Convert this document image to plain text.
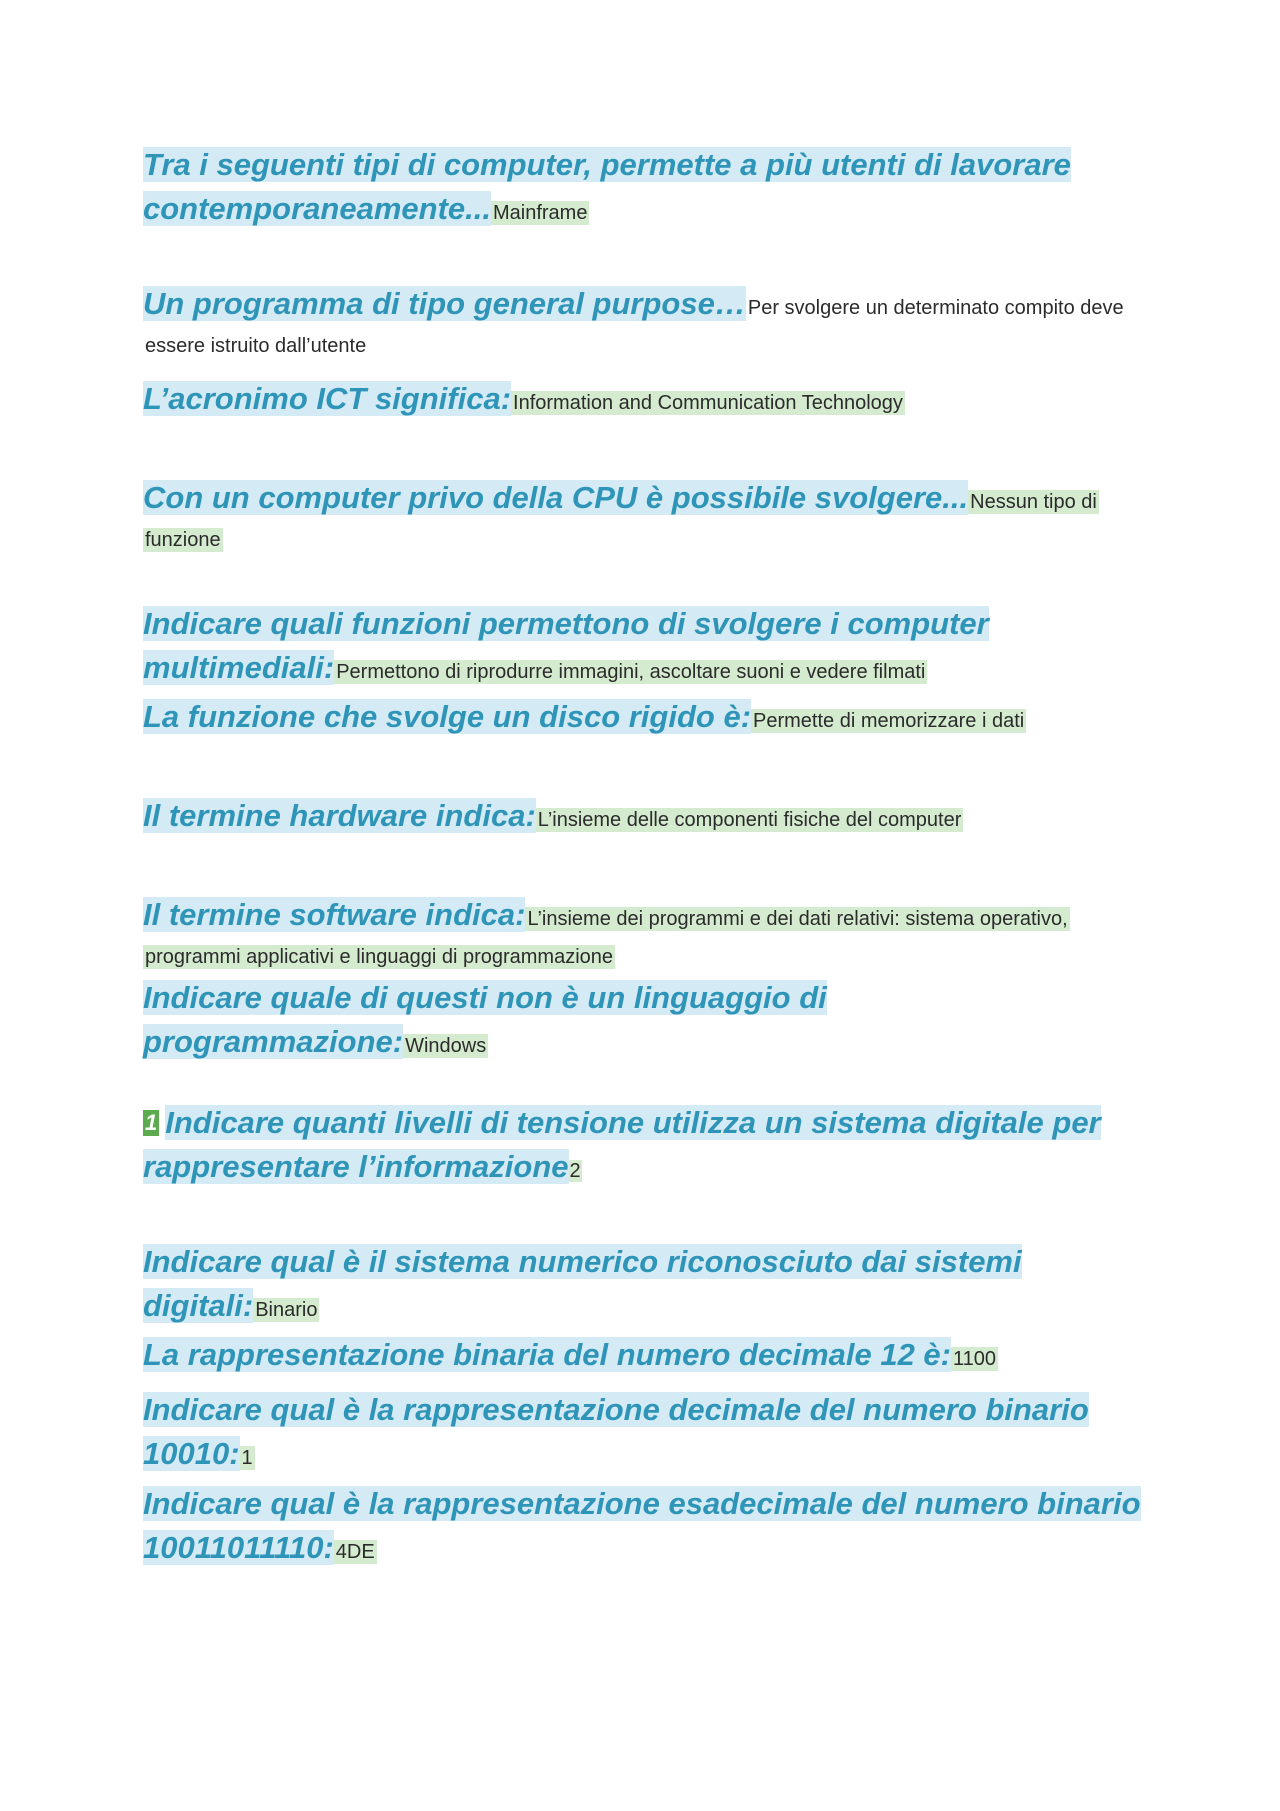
Tra i seguenti tipi di computer, permette a più utenti di lavorare contemporaneamente... Mainframe
Un programma di tipo general purpose… Per svolgere un determinato compito deve essere istruito dall’utente
L’acronimo ICT significa: Information and Communication Technology
Con un computer privo della CPU è possibile svolgere... Nessun tipo di funzione
Indicare quali funzioni permettono di svolgere i computer multimediali: Permettono di riprodurre immagini, ascoltare suoni e vedere filmati
La funzione che svolge un disco rigido è: Permette di memorizzare i dati
Il termine hardware indica: L’insieme delle componenti fisiche del computer
Il termine software indica: L’insieme dei programmi e dei dati relativi: sistema operativo, programmi applicativi e linguaggi di programmazione
Indicare quale di questi non è un linguaggio di programmazione: Windows
1 Indicare quanti livelli di tensione utilizza un sistema digitale per rappresentare l’informazione2
Indicare qual è il sistema numerico riconosciuto dai sistemi digitali: Binario
La rappresentazione binaria del numero decimale 12 è: 1100
Indicare qual è la rappresentazione decimale del numero binario 10010: 1
Indicare qual è la rappresentazione esadecimale del numero binario 10011011110: 4DE
